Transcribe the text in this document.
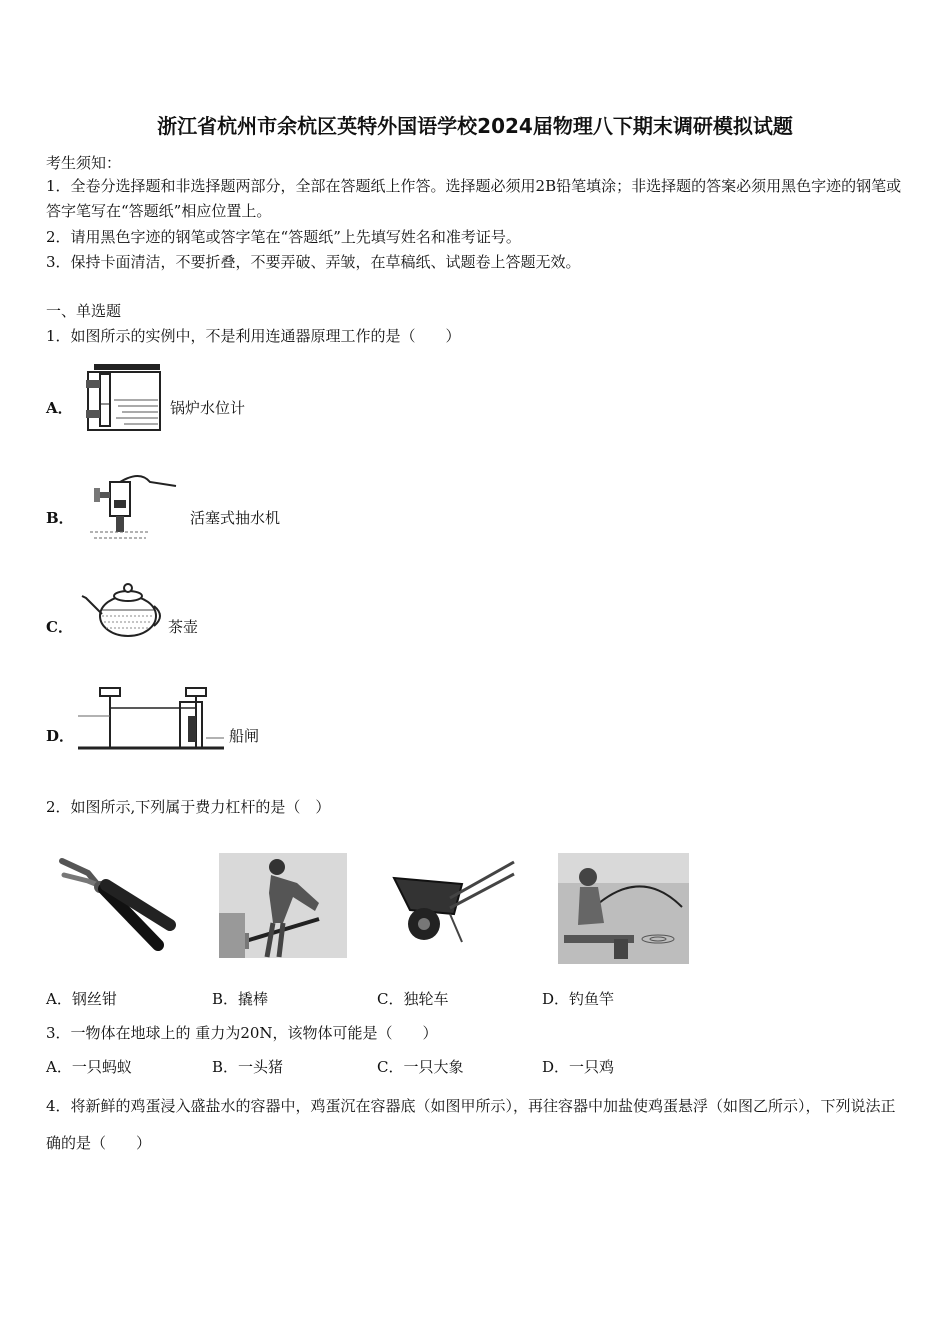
浙江省杭州市余杭区英特外国语学校2024届物理八下期末调研模拟试题
考生须知：
1．全卷分选择题和非选择题两部分，全部在答题纸上作答。选择题必须用2B铅笔填涂；非选择题的答案必须用黑色字迹的钢笔或答字笔写在“答题纸”相应位置上。
2．请用黑色字迹的钢笔或答字笔在“答题纸”上先填写姓名和准考证号。
3．保持卡面清洁，不要折叠，不要弄破、弄皱，在草稿纸、试题卷上答题无效。
一、单选题
1．如图所示的实例中，不是利用连通器原理工作的是（　　）
A．	锅炉水位计
B．	活塞式抽水机
C．	茶壶
D．	船闸
2．如图所示,下列属于费力杠杆的是（　）
A．钢丝钳	B．撬棒	C．独轮车	D．钓鱼竿
3．一物体在地球上的 重力为20N，该物体可能是（　　）
A．一只蚂蚁	B．一头猪	C．一只大象	D．一只鸡
4．将新鲜的鸡蛋浸入盛盐水的容器中，鸡蛋沉在容器底（如图甲所示），再往容器中加盐使鸡蛋悬浮（如图乙所示），下列说法正确的是（　　）
